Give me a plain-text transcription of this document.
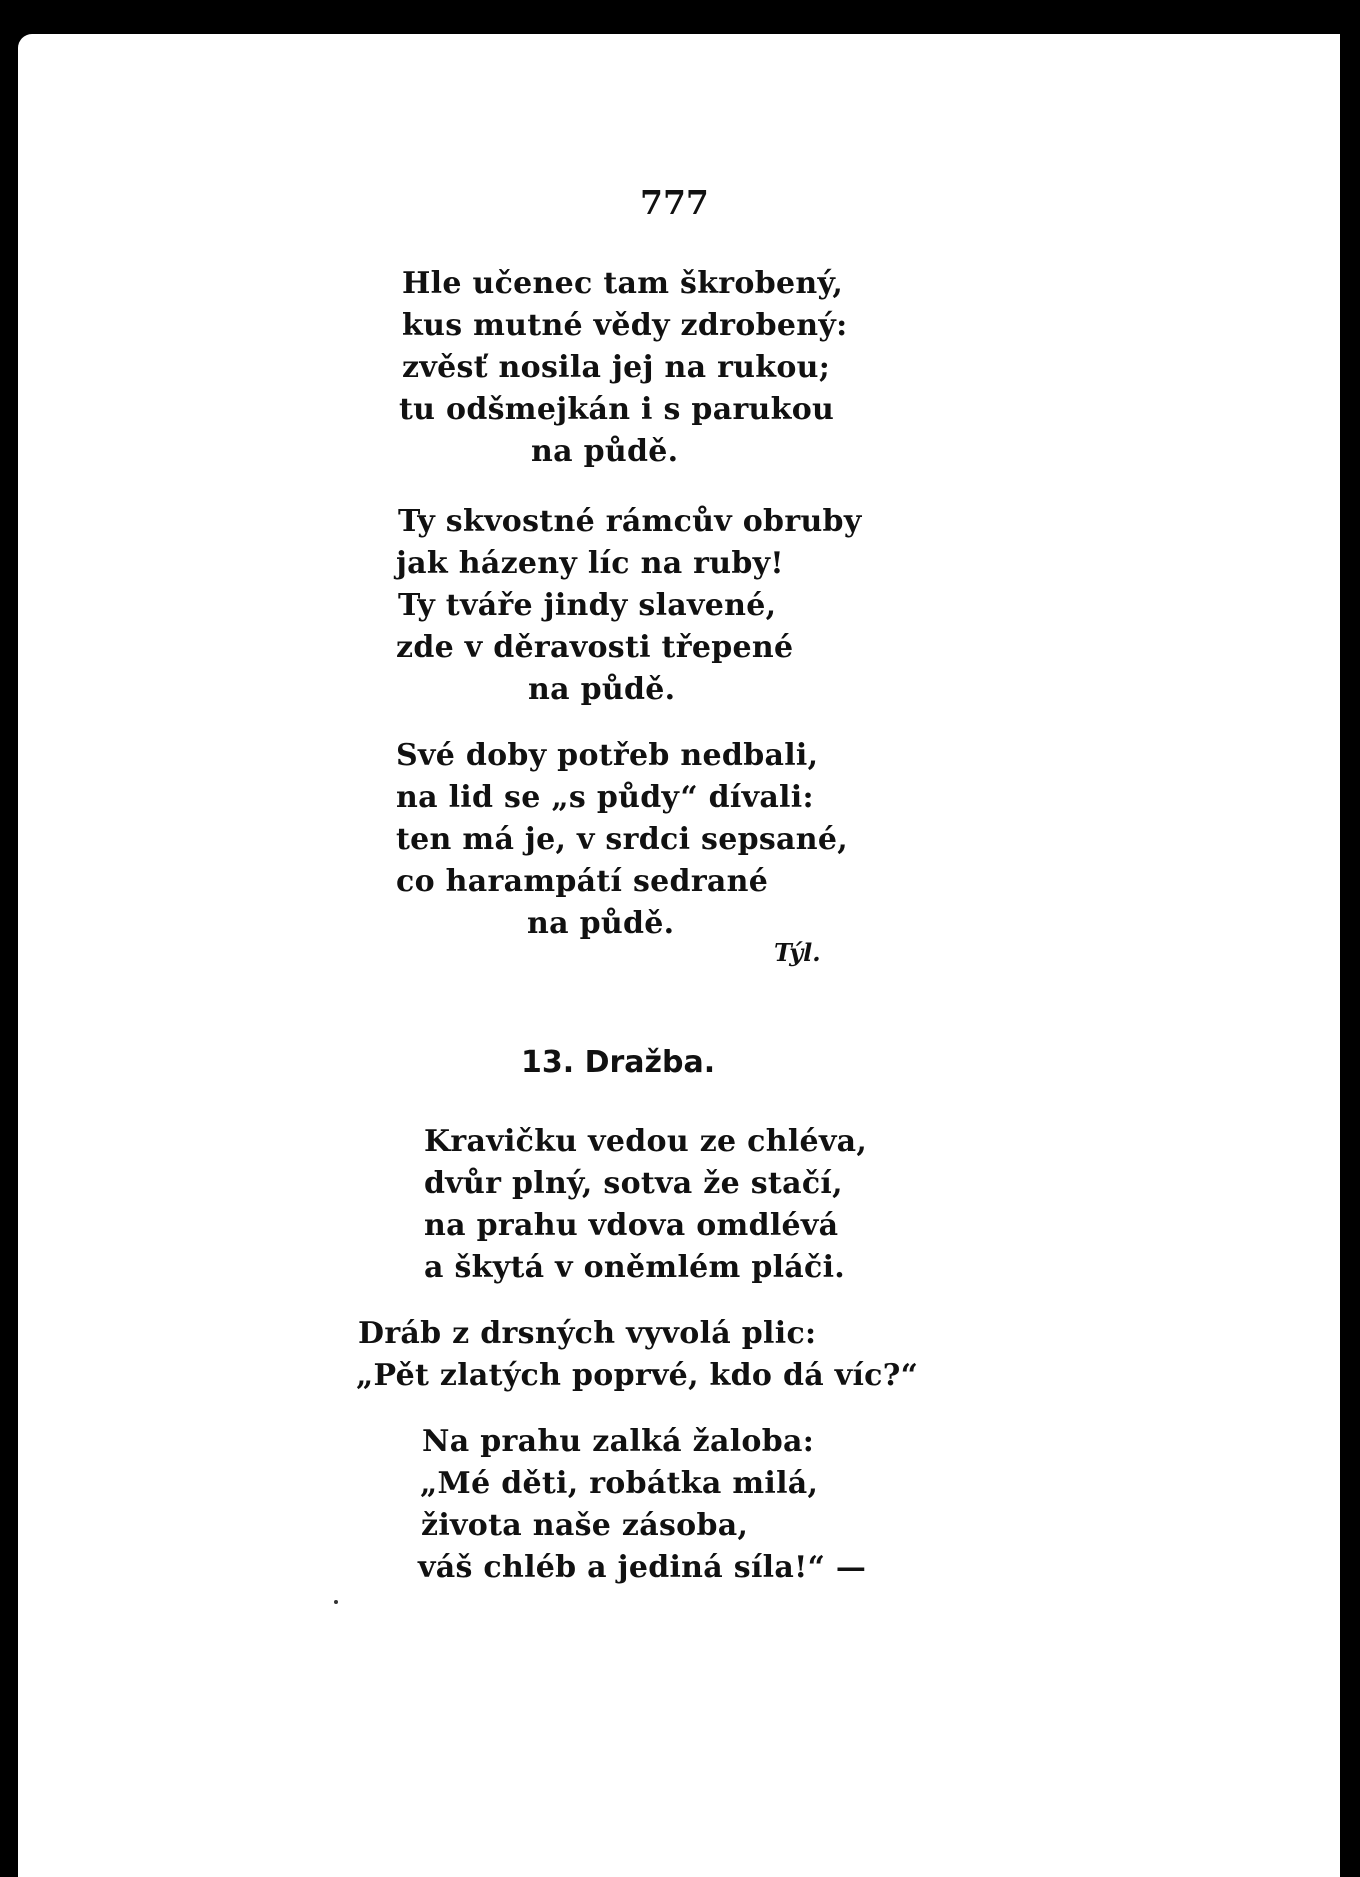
Hle učenec tam škrobený,
kus mutné vědy zdrobený:
zvěsť nosila jej na rukou;
tu odšmejkán i s parukou
na půdě.
Ty skvostné rámcův obruby
jak házeny líc na ruby!
Ty tváře jindy slavené,
zde v děravosti třepené
na půdě.
Své doby potřeb nedbali,
na lid se „s půdy“ dívali:
ten má je, v srdci sepsané,
co harampátí sedrané
na půdě.
Týl.
13. Dražba.
Kravičku vedou ze chléva,
dvůr plný, sotva že stačí,
na prahu vdova omdlévá
a škytá v oněmlém pláči.
Dráb z drsných vyvolá plic:
„Pět zlatých poprvé, kdo dá víc?“
Na prahu zalká žaloba:
„Mé děti, robátka milá,
života naše zásoba,
váš chléb a jediná síla!“ —
